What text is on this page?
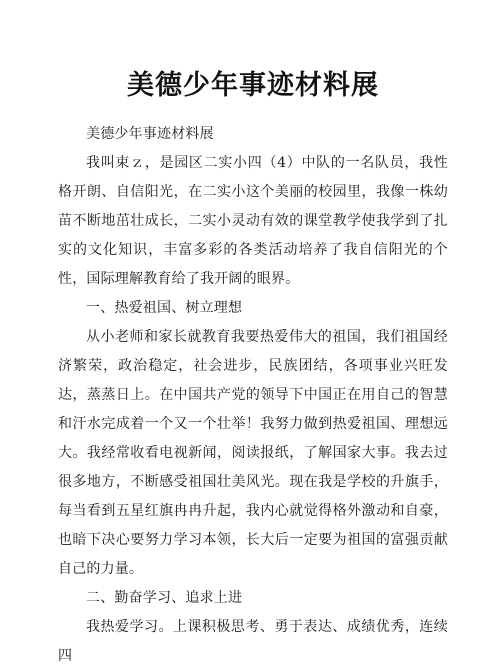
美德少年事迹材料展

美德少年事迹材料展

我叫束ｚ，是园区二实小四（4）中队的一名队员，我性格开朗、自信阳光，在二实小这个美丽的校园里，我像一株幼苗不断地茁壮成长，二实小灵动有效的课堂教学使我学到了扎实的文化知识，丰富多彩的各类活动培养了我自信阳光的个性，国际理解教育给了我开阔的眼界。

一、热爱祖国、树立理想

从小老师和家长就教育我要热爱伟大的祖国，我们祖国经济繁荣，政治稳定，社会进步，民族团结，各项事业兴旺发达，蒸蒸日上。在中国共产党的领导下中国正在用自己的智慧和汗水完成着一个又一个壮举！我努力做到热爱祖国、理想远大。我经常收看电视新闻，阅读报纸，了解国家大事。我去过很多地方，不断感受祖国壮美风光。现在我是学校的升旗手，每当看到五星红旗冉冉升起，我内心就觉得格外激动和自豪，也暗下决心要努力学习本领，长大后一定要为祖国的富强贡献自己的力量。

二、勤奋学习、追求上进

我热爱学习。上课积极思考、勇于表达、成绩优秀，连续四
